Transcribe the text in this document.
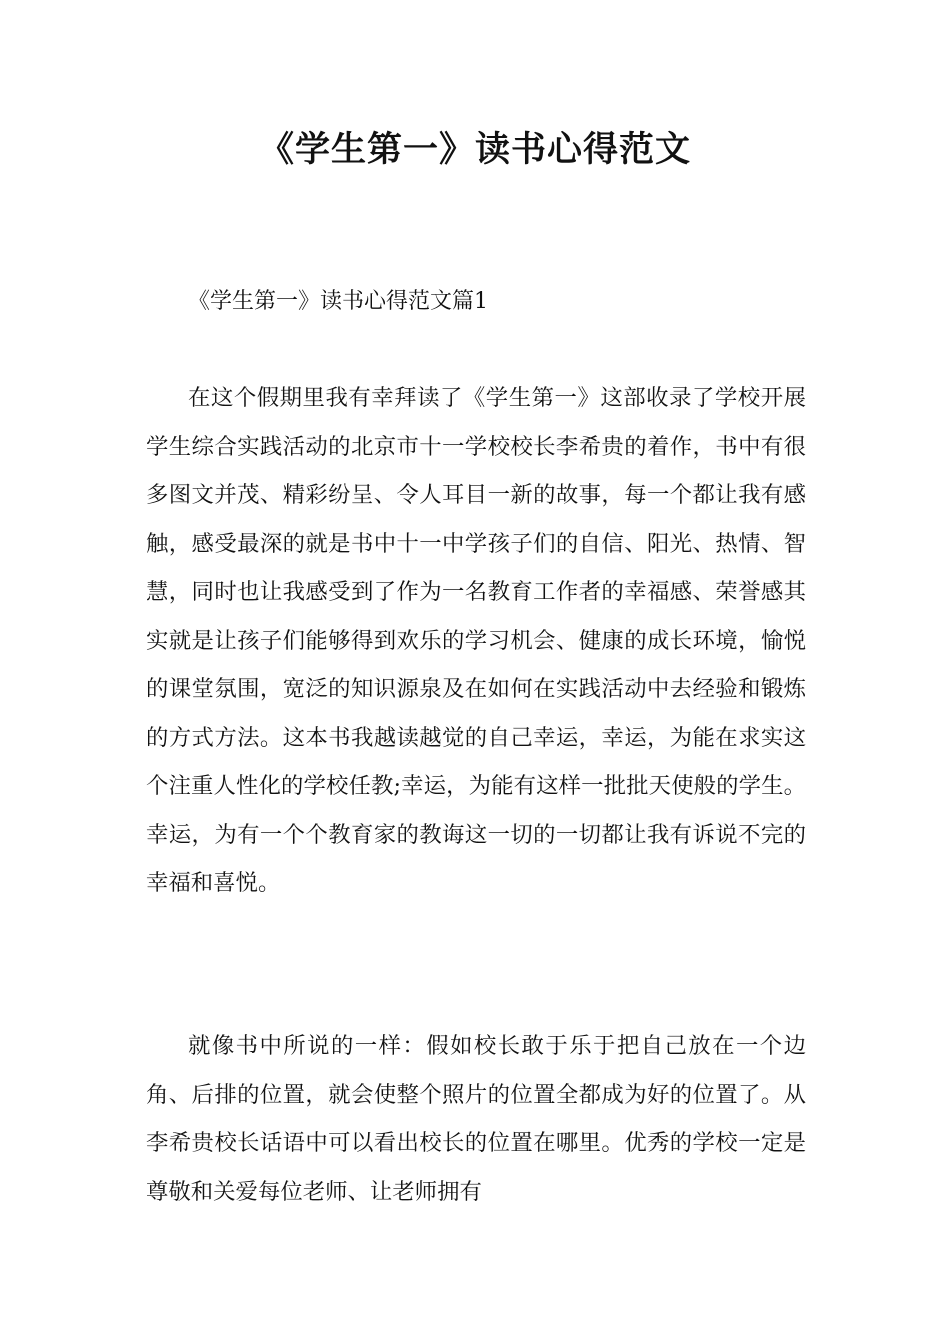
《学生第一》读书心得范文

《学生第一》读书心得范文篇1

在这个假期里我有幸拜读了《学生第一》这部收录了学校开展学生综合实践活动的北京市十一学校校长李希贵的着作，书中有很多图文并茂、精彩纷呈、令人耳目一新的故事，每一个都让我有感触，感受最深的就是书中十一中学孩子们的自信、阳光、热情、智慧，同时也让我感受到了作为一名教育工作者的幸福感、荣誉感其实就是让孩子们能够得到欢乐的学习机会、健康的成长环境，愉悦的课堂氛围，宽泛的知识源泉及在如何在实践活动中去经验和锻炼的方式方法。这本书我越读越觉的自己幸运，幸运，为能在求实这个注重人性化的学校任教;幸运，为能有这样一批批天使般的学生。幸运，为有一个个教育家的教诲这一切的一切都让我有诉说不完的幸福和喜悦。

就像书中所说的一样：假如校长敢于乐于把自己放在一个边角、后排的位置，就会使整个照片的位置全都成为好的位置了。从李希贵校长话语中可以看出校长的位置在哪里。优秀的学校一定是尊敬和关爱每位老师、让老师拥有
